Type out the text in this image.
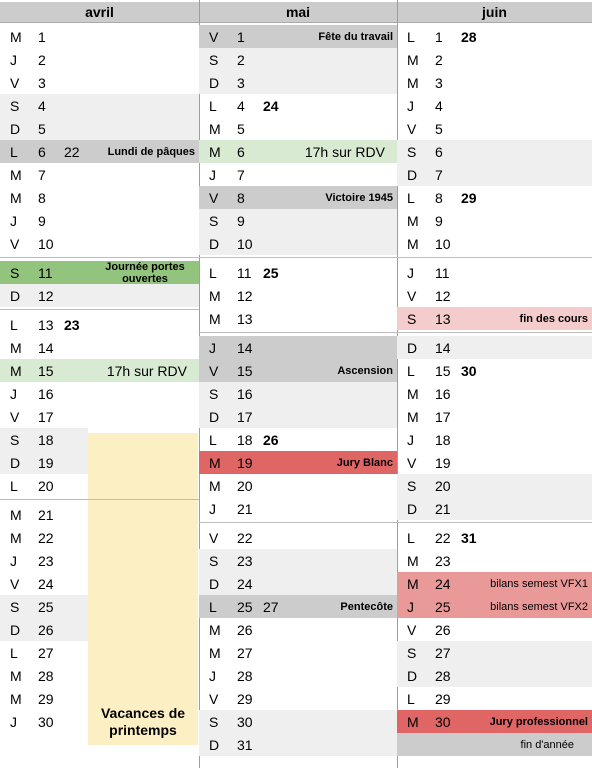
avril
Vacances de printemps
M 1
J 2
V 3
S 4
D 5
L 6 22	Lundi de pâques
M 7
M 8
J 9
V 10
S 11	Journée portes ouvertes
D 12
L 13 23
M 14
M 15	17h sur RDV
J 16
V 17
S 18
D 19
L 20
M 21
M 22
J 23
V 24
S 25
D 26
L 27
M 28
M 29
J 30
mai
V 1	Fête du travail
S 2
D 3
L 4 24
M 5
M 6	17h sur RDV
J 7
V 8	Victoire 1945
S 9
D 10
L 11 25
M 12
M 13
J 14
V 15	Ascension
S 16
D 17
L 18 26
M 19	Jury Blanc
M 20
J 21
V 22
S 23
D 24
L 25 27	Pentecôte
M 26
M 27
J 28
V 29
S 30
D 31
juin
L 1 28
M 2
M 3
J 4
V 5
S 6
D 7
L 8 29
M 9
M 10
J 11
V 12
S 13	fin des cours
D 14
L 15 30
M 16
M 17
J 18
V 19
S 20
D 21
L 22 31
M 23
M 24	bilans semest VFX1
J 25	bilans semest VFX2
V 26
S 27
D 28
L 29
M 30	Jury professionnel
fin d'année
